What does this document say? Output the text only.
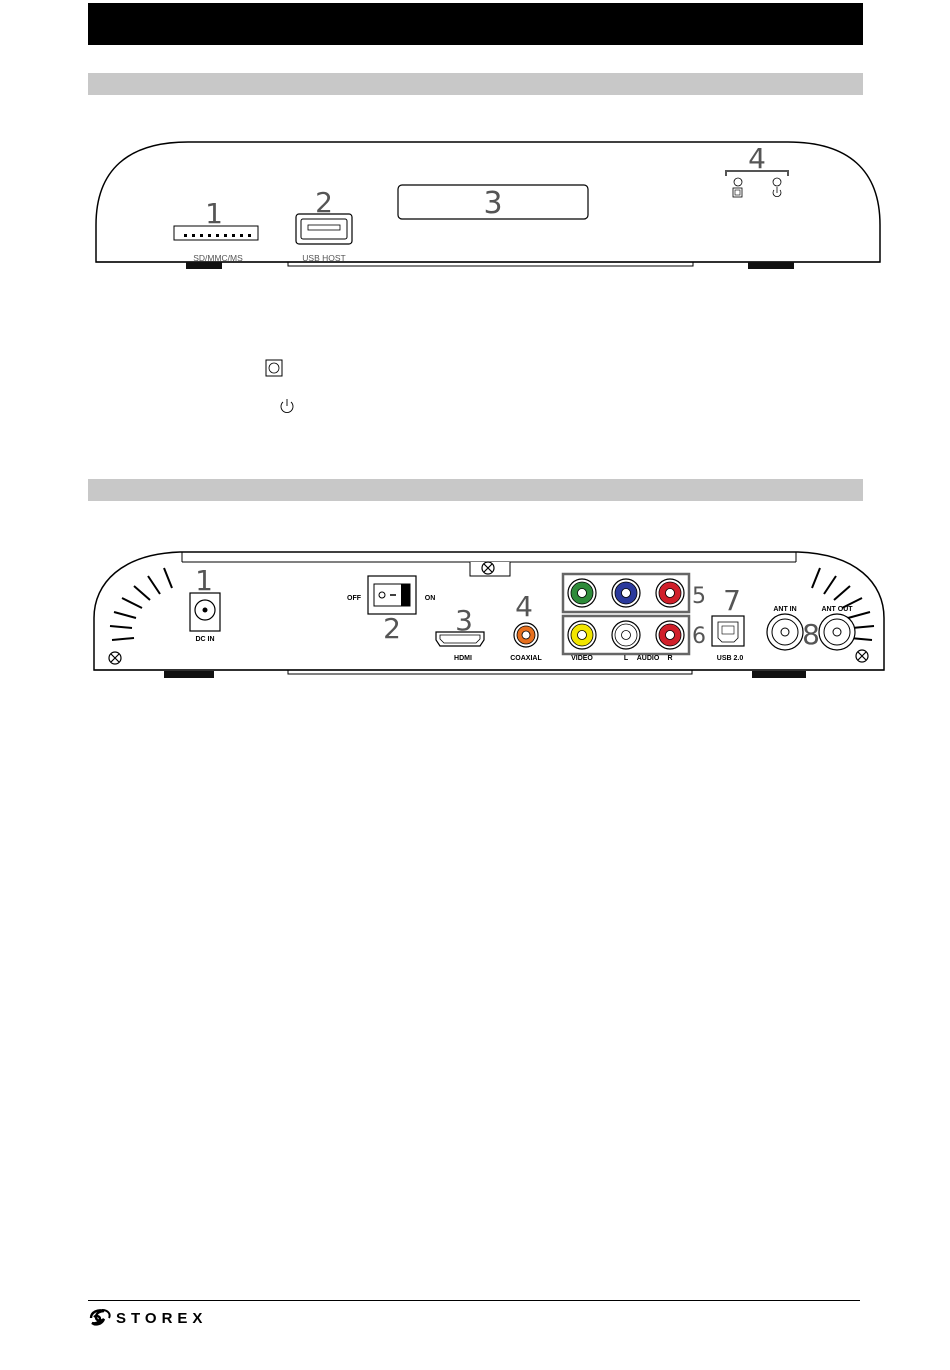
1	2	3
4
SD/MMC/MS	USB HOST
DC IN
OFF	ON
HDMI	COAXIAL	VIDEO	L AUDIO R	USB 2.0
ANT IN	ANT OUT
1
2 3 4	5
6
7
8
STOREX
